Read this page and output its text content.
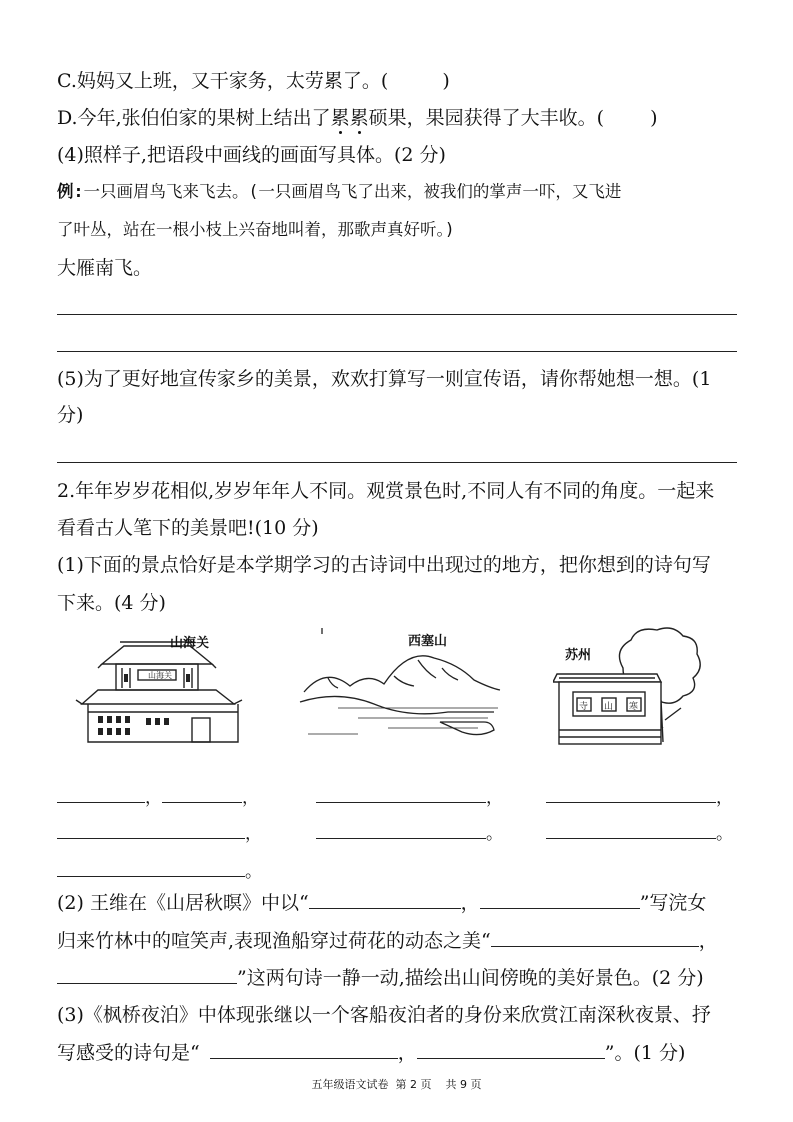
C.妈妈又上班，又干家务，太劳累了。(	)
D.今年,张伯伯家的果树上结出了累累硕果，果园获得了大丰收。( )
(4)照样子,把语段中画线的画面写具体。(2 分)
例:一只画眉鸟飞来飞去。(一只画眉鸟飞了出来，被我们的掌声一吓，又飞进
了叶丛，站在一根小枝上兴奋地叫着，那歌声真好听。)
大雁南飞。
(5)为了更好地宣传家乡的美景，欢欢打算写一则宣传语，请你帮她想一想。(1
分)
2.年年岁岁花相似,岁岁年年人不同。观赏景色时,不同人有不同的角度。一起来
看看古人笔下的美景吧!(10 分)
(1)下面的景点恰好是本学期学习的古诗词中出现过的地方，把你想到的诗句写
下来。(4 分)
山海关
山海关	西塞山
寺 山 寒
苏州
，	，	，	，
，	。	。
。
(2) 王维在《山居秋暝》中以“	，	”写浣女
归来竹林中的喧笑声,表现渔船穿过荷花的动态之美“	，
”这两句诗一静一动,描绘出山间傍晚的美好景色。(2 分)
(3)《枫桥夜泊》中体现张继以一个客船夜泊者的身份来欣赏江南深秋夜景、抒
写感受的诗句是“	，	”。(1 分)
五年级语文试卷 第 2 页 共 9 页
